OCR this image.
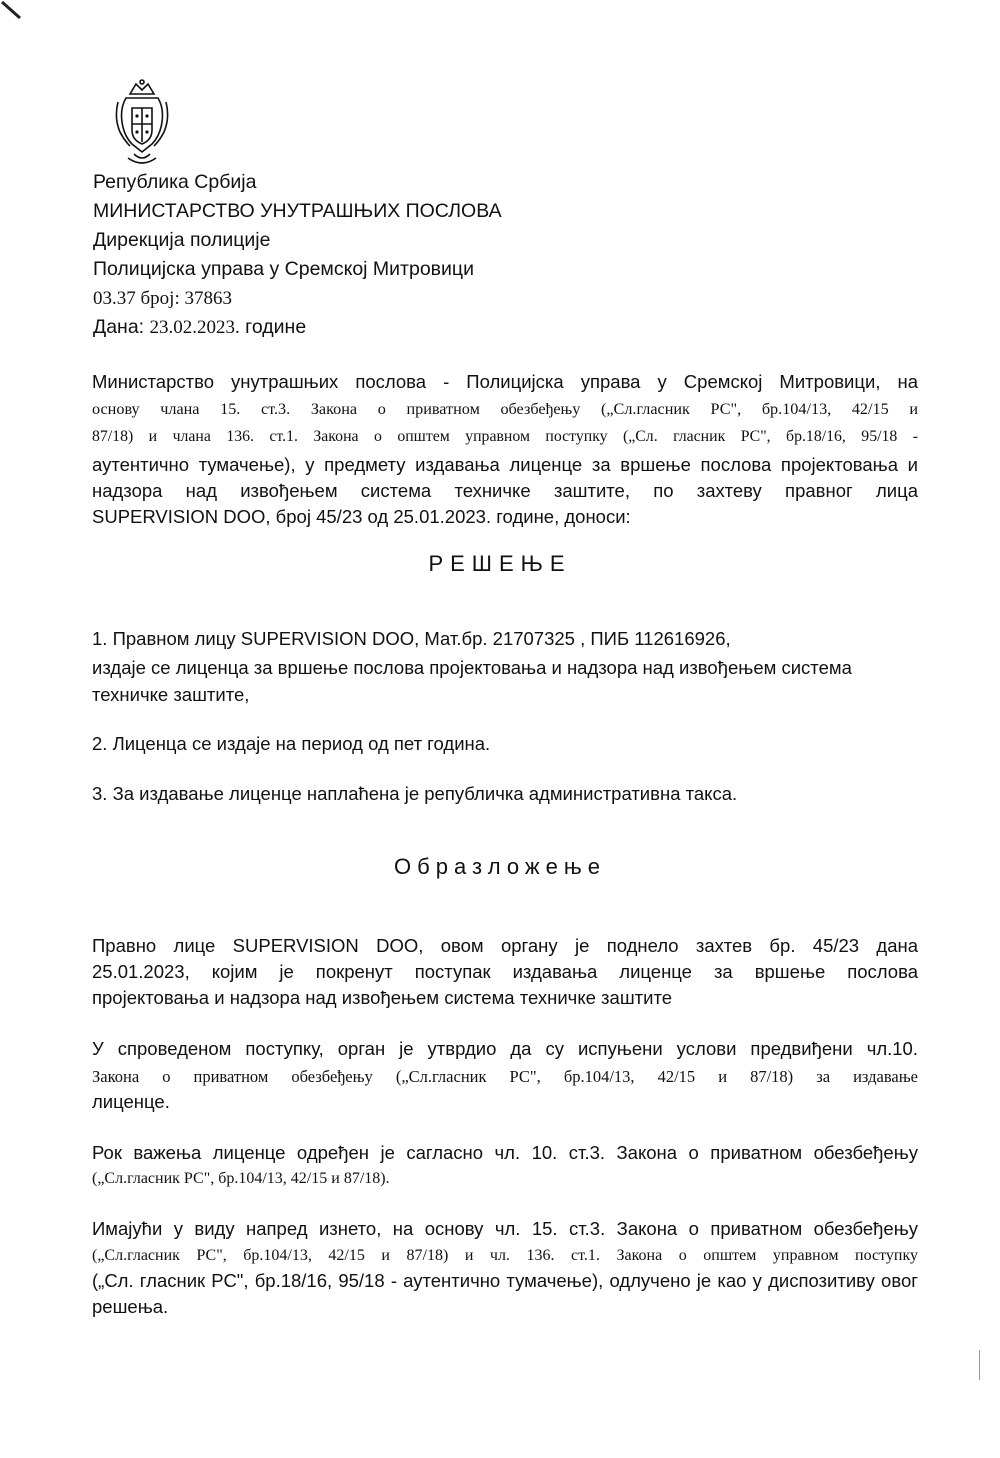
Република Србија
МИНИСТАРСТВО УНУТРАШЊИХ ПОСЛОВА
Дирекција полиције
Полицијска управа у Сремској Митровици
03.37 број: 37863
Дана: 23.02.2023. године
Министарство унутрашњих послова - Полицијска управа у Сремској Митровици, на
основу члана 15. ст.3. Закона о приватном обезбеђењу („Сл.гласник РС", бр.104/13, 42/15 и
87/18) и члана 136. ст.1. Закона о општем управном поступку („Сл. гласник РС", бр.18/16, 95/18 -
аутентично тумачење), у предмету издавања лиценце за вршење послова пројектовања и
надзора над извођењем система техничке заштите, по захтеву правног лица
SUPERVISION DOO, број 45/23 од 25.01.2023. године, доноси:
РЕШЕЊЕ
1. Правном лицу SUPERVISION DOO, Мат.бр. 21707325 , ПИБ 112616926,
издаје се лиценца за вршење послова пројектовања и надзора над извођењем система
техничке заштите,
2. Лиценца се издаје на период од пет година.
3. За издавање лиценце наплаћена је републичка административна такса.
Образложење
Правно лице SUPERVISION DOO, овом органу је поднело захтев бр. 45/23 дана
25.01.2023, којим је покренут поступак издавања лиценце за вршење послова
пројектовања и надзора над извођењем система техничке заштите
У спроведеном поступку, орган је утврдио да су испуњени услови предвиђени чл.10.
Закона о приватном обезбеђењу („Сл.гласник РС", бр.104/13, 42/15 и 87/18) за издавање
лиценце.
Рок важења лиценце одређен је сагласно чл. 10. ст.3. Закона о приватном обезбеђењу
(„Сл.гласник РС", бр.104/13, 42/15 и 87/18).
Имајући у виду напред изнето, на основу чл. 15. ст.3. Закона о приватном обезбеђењу
(„Сл.гласник РС", бр.104/13, 42/15 и 87/18) и чл. 136. ст.1. Закона о општем управном поступку
(„Сл. гласник РС", бр.18/16, 95/18 - аутентично тумачење), одлучено је као у диспозитиву овог
решења.
